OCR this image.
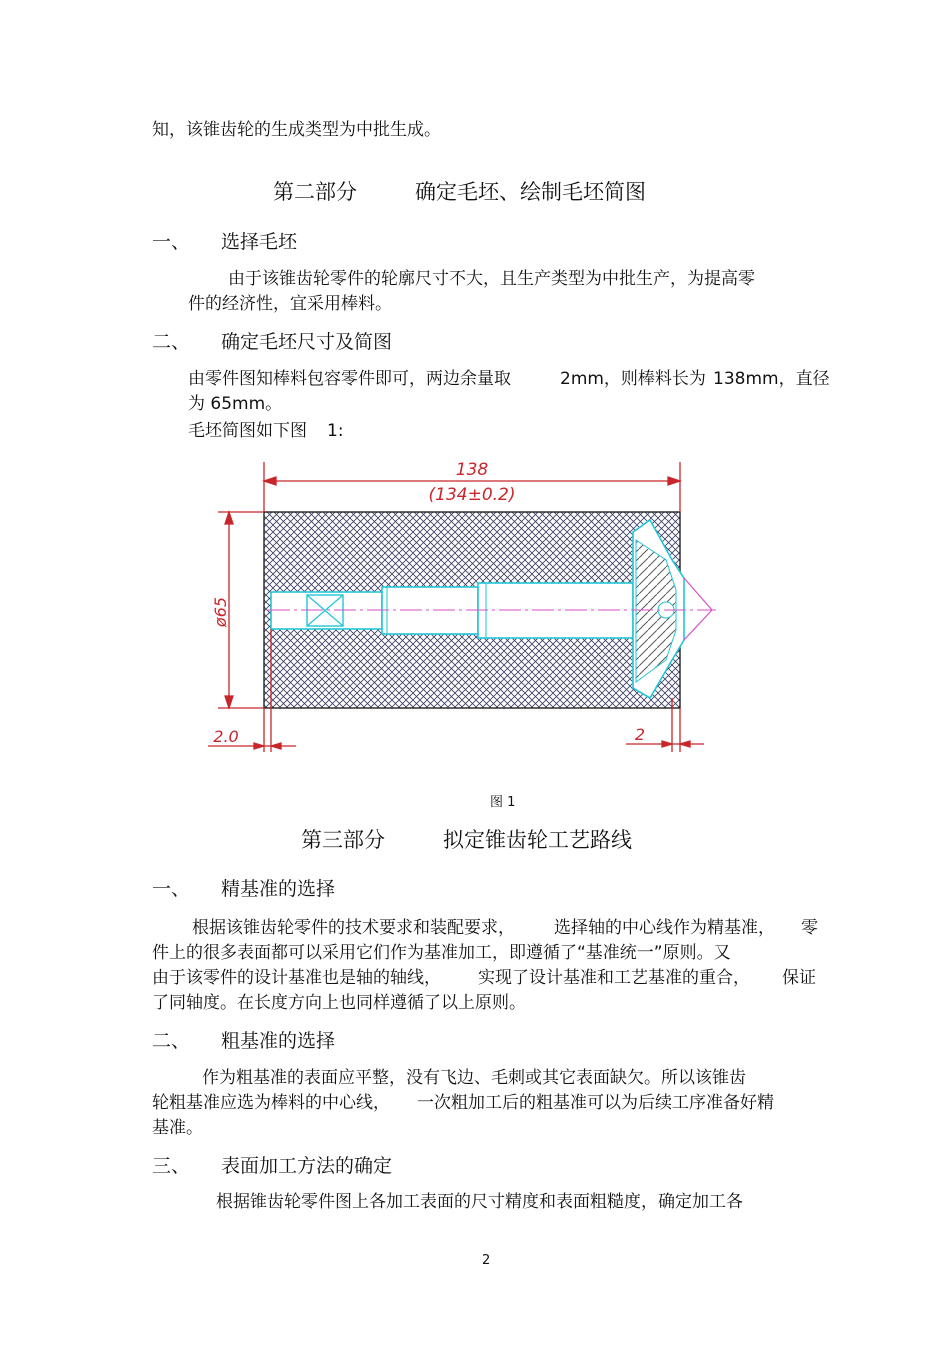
知，该锥齿轮的生成类型为中批生成。
第二部分	确定毛坯、绘制毛坯简图
一、 选择毛坯
由于该锥齿轮零件的轮廓尺寸不大，且生产类型为中批生产，为提高零
件的经济性，宜采用棒料。
二、 确定毛坯尺寸及简图
由零件图知棒料包容零件即可，两边余量取	2mm，则棒料长为 138mm，直径
为 65mm。
毛坯简图如下图 1:
138
(134±0.2)
ø65
2.0	2
图 1
第三部分	拟定锥齿轮工艺路线
一、 精基准的选择
根据该锥齿轮零件的技术要求和装配要求， 选择轴的中心线作为精基准， 零
件上的很多表面都可以采用它们作为基准加工，即遵循了“基准统一”原则。又
由于该零件的设计基准也是轴的轴线， 实现了设计基准和工艺基准的重合， 保证
了同轴度。在长度方向上也同样遵循了以上原则。
二、 粗基准的选择
作为粗基准的表面应平整，没有飞边、毛刺或其它表面缺欠。所以该锥齿
轮粗基准应选为棒料的中心线， 一次粗加工后的粗基准可以为后续工序准备好精
基准。
三、 表面加工方法的确定
根据锥齿轮零件图上各加工表面的尺寸精度和表面粗糙度，确定加工各
2
